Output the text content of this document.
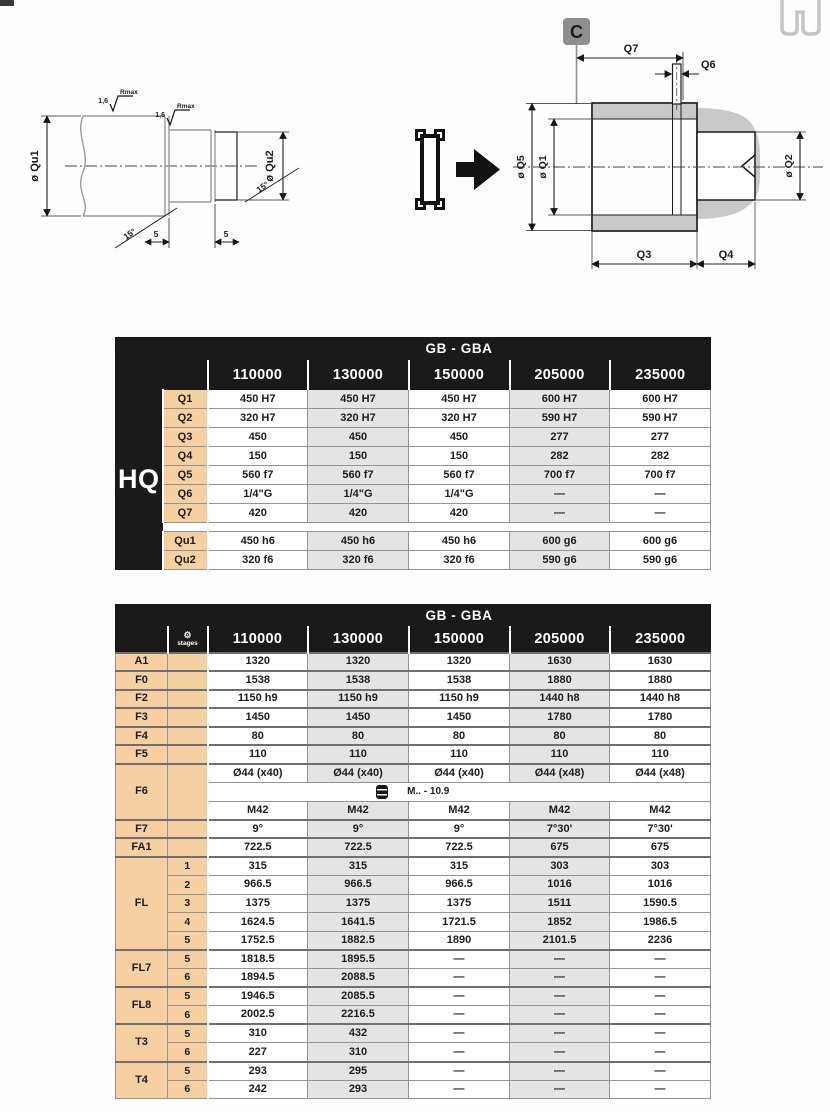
ø Qu1	ø Qu2
1,6
Rmax
1,6
Rmax
15°
15°
5	5
C
Q7
Q6
ø Q5 ø Q1	ø Q2
Q3	Q4
		GB - GBA				
		110000	130000	150000	205000	235000
HQ	Q1	450 H7	450 H7	450 H7	600 H7	600 H7
	Q2	320 H7	320 H7	320 H7	590 H7	590 H7
	Q3	450	450	450	277	277
	Q4	150	150	150	282	282
	Q5	560 f7	560 f7	560 f7	700 f7	700 f7
	Q6	1/4"G	1/4"G	1/4"G	—	—
	Q7	420	420	420	—	—

	Qu1	450 h6	450 h6	450 h6	600 g6	600 g6
	Qu2	320 f6	320 f6	320 f6	590 g6	590 g6
		GB - GBA				

	⚙
stages	110000	130000	150000	205000	235000
A1		1320	1320	1320	1630	1630
F0		1538	1538	1538	1880	1880
F2		1150 h9	1150 h9	1150 h9	1440 h8	1440 h8
F3		1450	1450	1450	1780	1780
F4		80	80	80	80	80
F5		110	110	110	110	110
F6		Ø44 (x40)	Ø44 (x40)	Ø44 (x40)	Ø44 (x48)	Ø44 (x48)

		M.. - 10.9				

		M42	M42	M42	M42	M42
F7		9°	9°	9°	7°30'	7°30'
FA1		722.5	722.5	722.5	675	675
FL	1	315	315	315	303	303
	2	966.5	966.5	966.5	1016	1016
	3	1375	1375	1375	1511	1590.5
	4	1624.5	1641.5	1721.5	1852	1986.5
	5	1752.5	1882.5	1890	2101.5	2236
FL7	5	1818.5	1895.5	—	—	—
	6	1894.5	2088.5	—	—	—
FL8	5	1946.5	2085.5	—	—	—
	6	2002.5	2216.5	—	—	—
T3	5	310	432	—	—	—
	6	227	310	—	—	—
T4	5	293	295	—	—	—
	6	242	293	—	—	—
